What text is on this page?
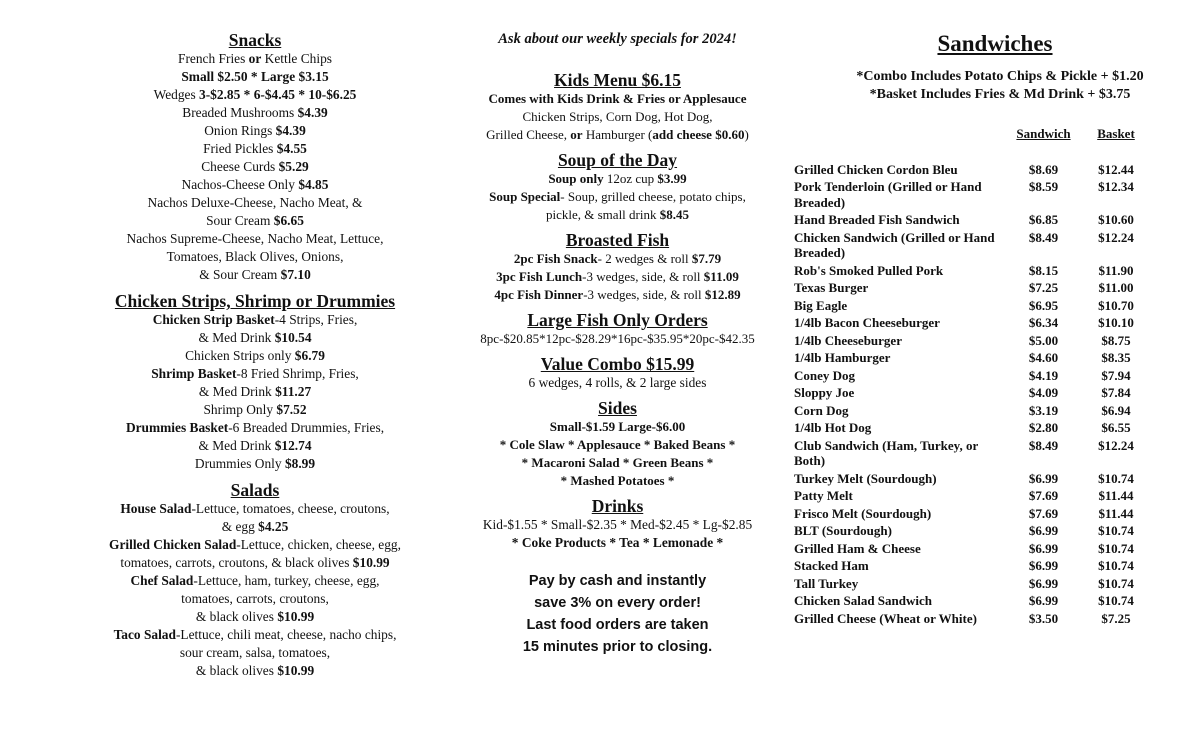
Snacks
French Fries or Kettle Chips
Small $2.50 * Large $3.15
Wedges 3-$2.85 * 6-$4.45 * 10-$6.25
Breaded Mushrooms $4.39
Onion Rings $4.39
Fried Pickles $4.55
Cheese Curds $5.29
Nachos-Cheese Only $4.85
Nachos Deluxe-Cheese, Nacho Meat, &
Sour Cream $6.65
Nachos Supreme-Cheese, Nacho Meat, Lettuce,
Tomatoes, Black Olives, Onions,
& Sour Cream $7.10
Chicken Strips, Shrimp or Drummies
Chicken Strip Basket-4 Strips, Fries,
& Med Drink $10.54
Chicken Strips only $6.79
Shrimp Basket-8 Fried Shrimp, Fries,
& Med Drink $11.27
Shrimp Only $7.52
Drummies Basket-6 Breaded Drummies, Fries,
& Med Drink $12.74
Drummies Only $8.99
Salads
House Salad-Lettuce, tomatoes, cheese, croutons,
& egg $4.25
Grilled Chicken Salad-Lettuce, chicken, cheese, egg,
tomatoes, carrots, croutons, & black olives $10.99
Chef Salad-Lettuce, ham, turkey, cheese, egg,
tomatoes, carrots, croutons,
& black olives $10.99
Taco Salad-Lettuce, chili meat, cheese, nacho chips,
sour cream, salsa, tomatoes,
& black olives $10.99
Ask about our weekly specials for 2024!
Kids Menu $6.15
Comes with Kids Drink & Fries or Applesauce
Chicken Strips, Corn Dog, Hot Dog,
Grilled Cheese, or Hamburger (add cheese $0.60)
Soup of the Day
Soup only 12oz cup $3.99
Soup Special- Soup, grilled cheese, potato chips,
pickle, & small drink $8.45
Broasted Fish
2pc Fish Snack- 2 wedges & roll $7.79
3pc Fish Lunch-3 wedges, side, & roll $11.09
4pc Fish Dinner-3 wedges, side, & roll $12.89
Large Fish Only Orders
8pc-$20.85*12pc-$28.29*16pc-$35.95*20pc-$42.35
Value Combo $15.99
6 wedges, 4 rolls, & 2 large sides
Sides
Small-$1.59 Large-$6.00
* Cole Slaw * Applesauce * Baked Beans *
* Macaroni Salad * Green Beans *
* Mashed Potatoes *
Drinks
Kid-$1.55 * Small-$2.35 * Med-$2.45 * Lg-$2.85
* Coke Products * Tea * Lemonade *
Pay by cash and instantly
save 3% on every order!
Last food orders are taken
15 minutes prior to closing.
Sandwiches
*Combo Includes Potato Chips & Pickle + $1.20
*Basket Includes Fries & Md Drink + $3.75
	Sandwich	Basket

Grilled Chicken Cordon Bleu	$8.69	$12.44
Pork Tenderloin (Grilled or Hand Breaded)	$8.59	$12.34
Hand Breaded Fish Sandwich	$6.85	$10.60
Chicken Sandwich (Grilled or Hand Breaded)	$8.49	$12.24
Rob's Smoked Pulled Pork	$8.15	$11.90
Texas Burger	$7.25	$11.00
Big Eagle	$6.95	$10.70
1/4lb Bacon Cheeseburger	$6.34	$10.10
1/4lb Cheeseburger	$5.00	$8.75
1/4lb Hamburger	$4.60	$8.35
Coney Dog	$4.19	$7.94
Sloppy Joe	$4.09	$7.84
Corn Dog	$3.19	$6.94
1/4lb Hot Dog	$2.80	$6.55
Club Sandwich (Ham, Turkey, or Both)	$8.49	$12.24
Turkey Melt (Sourdough)	$6.99	$10.74
Patty Melt	$7.69	$11.44
Frisco Melt (Sourdough)	$7.69	$11.44
BLT (Sourdough)	$6.99	$10.74
Grilled Ham & Cheese	$6.99	$10.74
Stacked Ham	$6.99	$10.74
Tall Turkey	$6.99	$10.74
Chicken Salad Sandwich	$6.99	$10.74
Grilled Cheese (Wheat or White)	$3.50	$7.25
